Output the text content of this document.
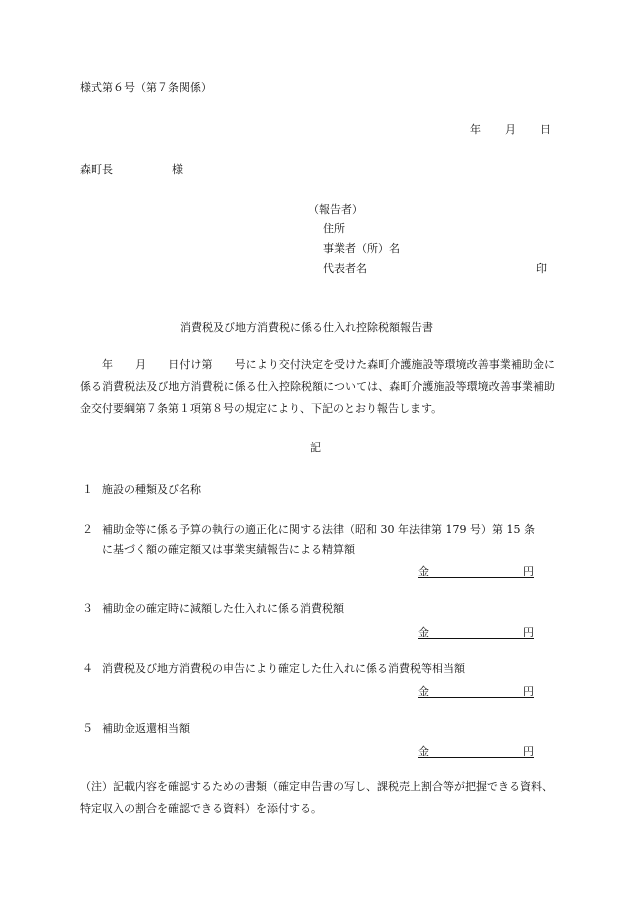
様式第６号（第７条関係）
年 月 日
森町長	様
（報告者）
住所
事業者（所）名
代表者名	印
消費税及び地方消費税に係る仕入れ控除税額報告書
年　　月　　日付け第　　号により交付決定を受けた森町介護施設等環境改善事業補助金に係る消費税法及び地方消費税に係る仕入控除税額については、森町介護施設等環境改善事業補助金交付要綱第７条第１項第８号の規定により、下記のとおり報告します。
記
１ 施設の種類及び名称
２ 補助金等に係る予算の執行の適正化に関する法律（昭和 30 年法律第 179 号）第 15 条
に基づく額の確定額又は事業実績報告による精算額
金	円
３ 補助金の確定時に減額した仕入れに係る消費税額
金	円
４ 消費税及び地方消費税の申告により確定した仕入れに係る消費税等相当額
金	円
５ 補助金返還相当額
金	円
（注）記載内容を確認するための書類（確定申告書の写し、課税売上割合等が把握できる資料、特定収入の割合を確認できる資料）を添付する。
